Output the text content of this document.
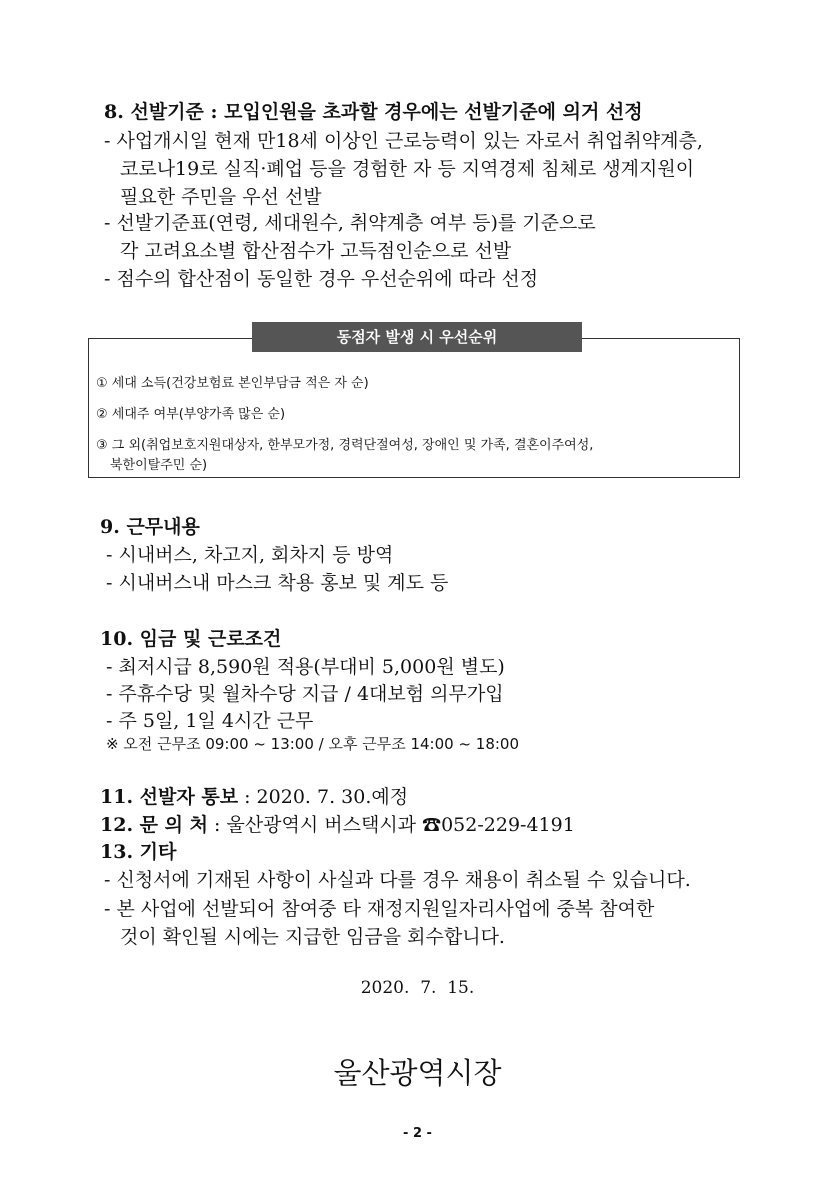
8. 선발기준 : 모입인원을 초과할 경우에는 선발기준에 의거 선정
- 사업개시일 현재 만18세 이상인 근로능력이 있는 자로서 취업취약계층,
코로나19로 실직·폐업 등을 경험한 자 등 지역경제 침체로 생계지원이
필요한 주민을 우선 선발
- 선발기준표(연령, 세대원수, 취약계층 여부 등)를 기준으로
각 고려요소별 합산점수가 고득점인순으로 선발
- 점수의 합산점이 동일한 경우 우선순위에 따라 선정
동점자 발생 시 우선순위
① 세대 소득(건강보험료 본인부담금 적은 자 순)
② 세대주 여부(부양가족 많은 순)
③ 그 외(취업보호지원대상자, 한부모가정, 경력단절여성, 장애인 및 가족, 결혼이주여성,
북한이탈주민 순)
9. 근무내용
- 시내버스, 차고지, 회차지 등 방역
- 시내버스내 마스크 착용 홍보 및 계도 등
10. 임금 및 근로조건
- 최저시급 8,590원 적용(부대비 5,000원 별도)
- 주휴수당 및 월차수당 지급 / 4대보험 의무가입
- 주 5일, 1일 4시간 근무
※ 오전 근무조 09:00 ~ 13:00 / 오후 근무조 14:00 ~ 18:00
11. 선발자 통보 : 2020. 7. 30.예정
12. 문 의 처 : 울산광역시 버스택시과 ☎052-229-4191
13. 기타
- 신청서에 기재된 사항이 사실과 다를 경우 채용이 취소될 수 있습니다.
- 본 사업에 선발되어 참여중 타 재정지원일자리사업에 중복 참여한
것이 확인될 시에는 지급한 임금을 회수합니다.
2020.  7.  15.
울산광역시장
- 2 -
